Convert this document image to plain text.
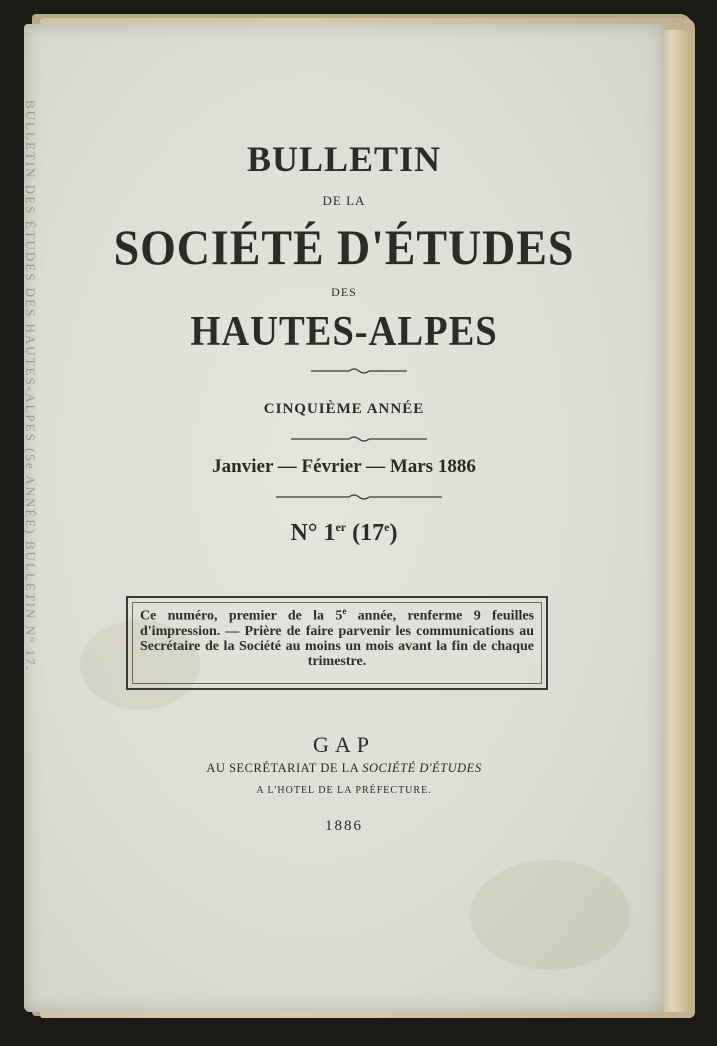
BULLETIN DES ÉTUDES DES HAUTES-ALPES (5e ANNÉE) BULLETIN N° 17.	BULLETIN
DE LA
SOCIÉTÉ D'ÉTUDES
DES
HAUTES-ALPES
CINQUIÈME ANNÉE
Janvier — Février — Mars 1886
N° 1er (17e)
Ce numéro, premier de la 5e année, renferme 9 feuilles d'impression. — Prière de faire parvenir les communications au Secrétaire de la Société au moins un mois avant la fin de chaque trimestre.
GAP
AU SECRÉTARIAT DE LA SOCIÉTÉ D'ÉTUDES
A L'HOTEL DE LA PRÉFECTURE.
1886
